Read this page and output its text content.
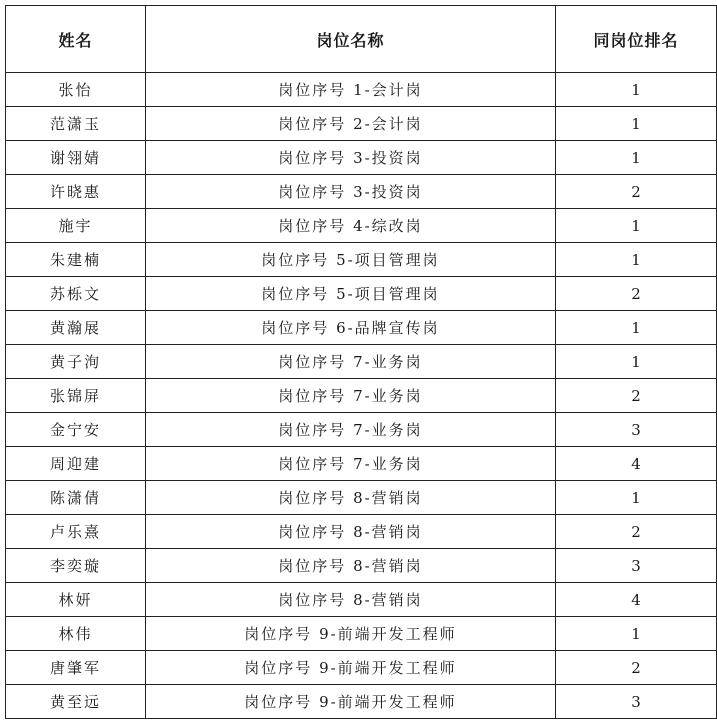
姓名	岗位名称	同岗位排名
张怡	岗位序号 1-会计岗	1
范潇玉	岗位序号 2-会计岗	1
谢翎婧	岗位序号 3-投资岗	1
许晓惠	岗位序号 3-投资岗	2
施宇	岗位序号 4-综改岗	1
朱建楠	岗位序号 5-项目管理岗	1
苏栎文	岗位序号 5-项目管理岗	2
黄瀚展	岗位序号 6-品牌宣传岗	1
黄子洵	岗位序号 7-业务岗	1
张锦屏	岗位序号 7-业务岗	2
金宁安	岗位序号 7-业务岗	3
周迎建	岗位序号 7-业务岗	4
陈潇倩	岗位序号 8-营销岗	1
卢乐熹	岗位序号 8-营销岗	2
李奕璇	岗位序号 8-营销岗	3
林妍	岗位序号 8-营销岗	4
林伟	岗位序号 9-前端开发工程师	1
唐肇军	岗位序号 9-前端开发工程师	2
黄至远	岗位序号 9-前端开发工程师	3
